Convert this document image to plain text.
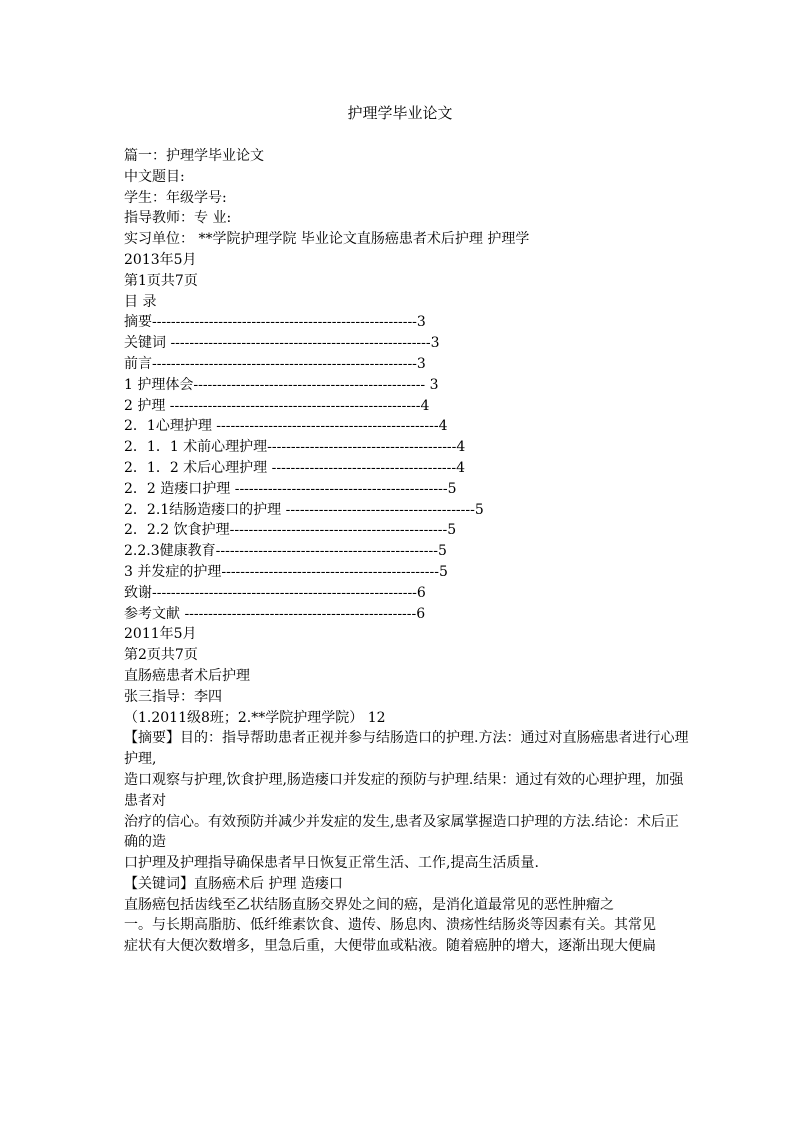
护理学毕业论文
篇一：护理学毕业论文
中文题目:
学生：年级学号:
指导教师：专 业:
实习单位： **学院护理学院 毕业论文直肠癌患者术后护理 护理学
2013年5月
第1页共7页
目 录
摘要--------------------------------------------------------3
关键词 -------------------------------------------------------3
前言--------------------------------------------------------3
1 护理体会------------------------------------------------- 3
2 护理 -----------------------------------------------------4
2．1心理护理 -----------------------------------------------4
2．1．1 术前心理护理----------------------------------------4
2．1．2 术后心理护理 ---------------------------------------4
2．2 造瘘口护理 ---------------------------------------------5
2．2.1结肠造瘘口的护理 ----------------------------------------5
2．2.2 饮食护理----------------------------------------------5
2.2.3健康教育-----------------------------------------------5
3 并发症的护理----------------------------------------------5
致谢--------------------------------------------------------6
参考文献 -------------------------------------------------6
2011年5月
第2页共7页
直肠癌患者术后护理
张三指导：李四
（1.2011级8班；2.**学院护理学院） 12
【摘要】目的：指导帮助患者正视并参与结肠造口的护理.方法：通过对直肠癌患者进行心理护理,
造口观察与护理,饮食护理,肠造瘘口并发症的预防与护理.结果：通过有效的心理护理，加强患者对
治疗的信心。有效预防并减少并发症的发生,患者及家属掌握造口护理的方法.结论：术后正确的造
口护理及护理指导确保患者早日恢复正常生活、工作,提高生活质量.
【关键词】直肠癌术后 护理 造瘘口
直肠癌包括齿线至乙状结肠直肠交界处之间的癌，是消化道最常见的恶性肿瘤之
一。与长期高脂肪、低纤维素饮食、遗传、肠息肉、溃疡性结肠炎等因素有关。其常见
症状有大便次数增多，里急后重，大便带血或粘液。随着癌肿的增大，逐渐出现大便扁
